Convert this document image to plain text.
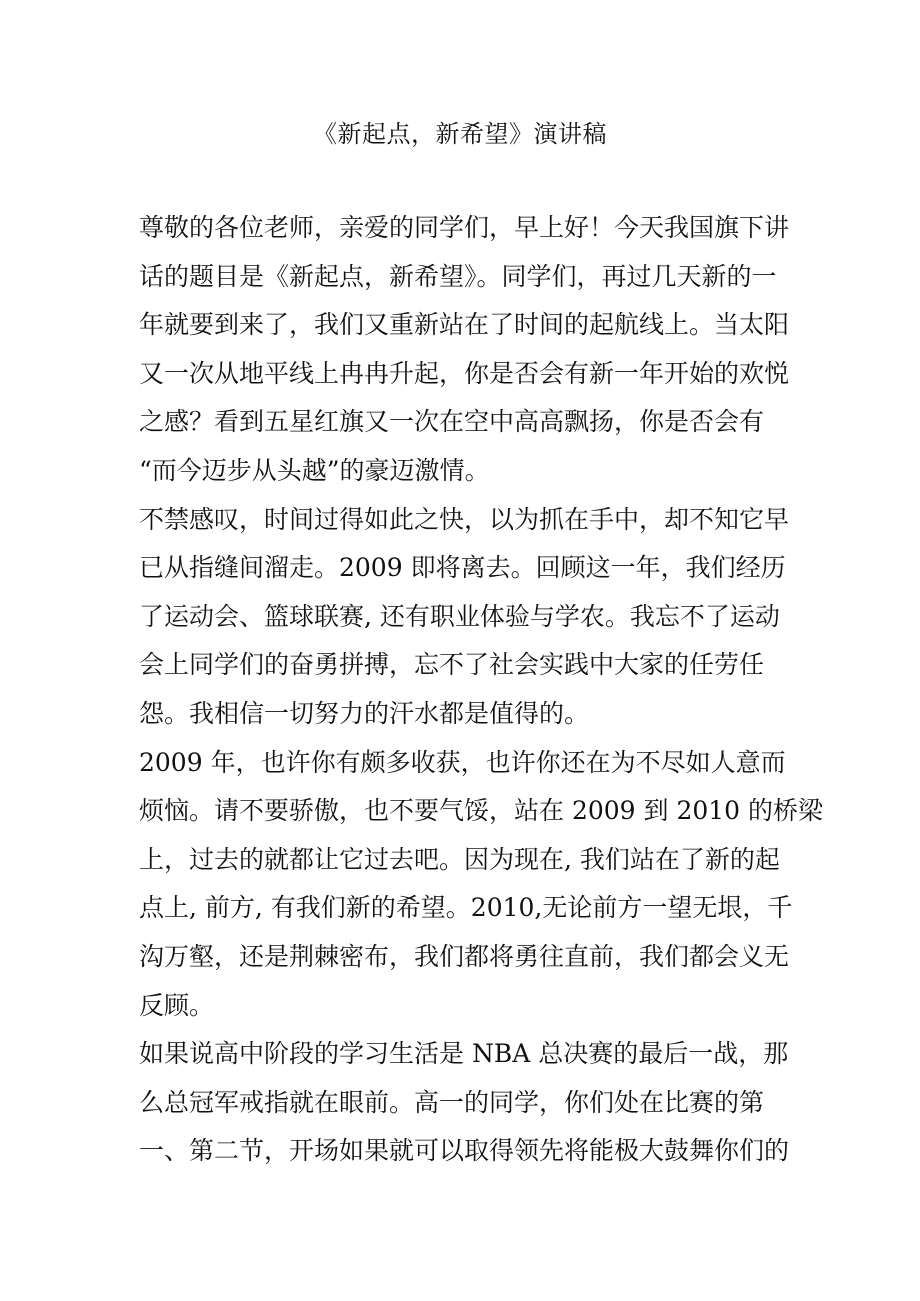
《新起点，新希望》演讲稿
尊敬的各位老师，亲爱的同学们，早上好！今天我国旗下讲
话的题目是《新起点，新希望》。同学们，再过几天新的一
年就要到来了，我们又重新站在了时间的起航线上。当太阳
又一次从地平线上冉冉升起，你是否会有新一年开始的欢悦
之感？看到五星红旗又一次在空中高高飘扬，你是否会有
“而今迈步从头越”的豪迈激情。
不禁感叹，时间过得如此之快，以为抓在手中，却不知它早
已从指缝间溜走。2009 即将离去。回顾这一年，我们经历
了运动会、篮球联赛, 还有职业体验与学农。我忘不了运动
会上同学们的奋勇拼搏，忘不了社会实践中大家的任劳任
怨。我相信一切努力的汗水都是值得的。
2009 年，也许你有颇多收获，也许你还在为不尽如人意而
烦恼。请不要骄傲，也不要气馁，站在 2009 到 2010 的桥梁
上，过去的就都让它过去吧。因为现在, 我们站在了新的起
点上, 前方, 有我们新的希望。2010,无论前方一望无垠，千
沟万壑，还是荆棘密布，我们都将勇往直前，我们都会义无
反顾。
如果说高中阶段的学习生活是 NBA 总决赛的最后一战，那
么总冠军戒指就在眼前。高一的同学，你们处在比赛的第
一、第二节，开场如果就可以取得领先将能极大鼓舞你们的
